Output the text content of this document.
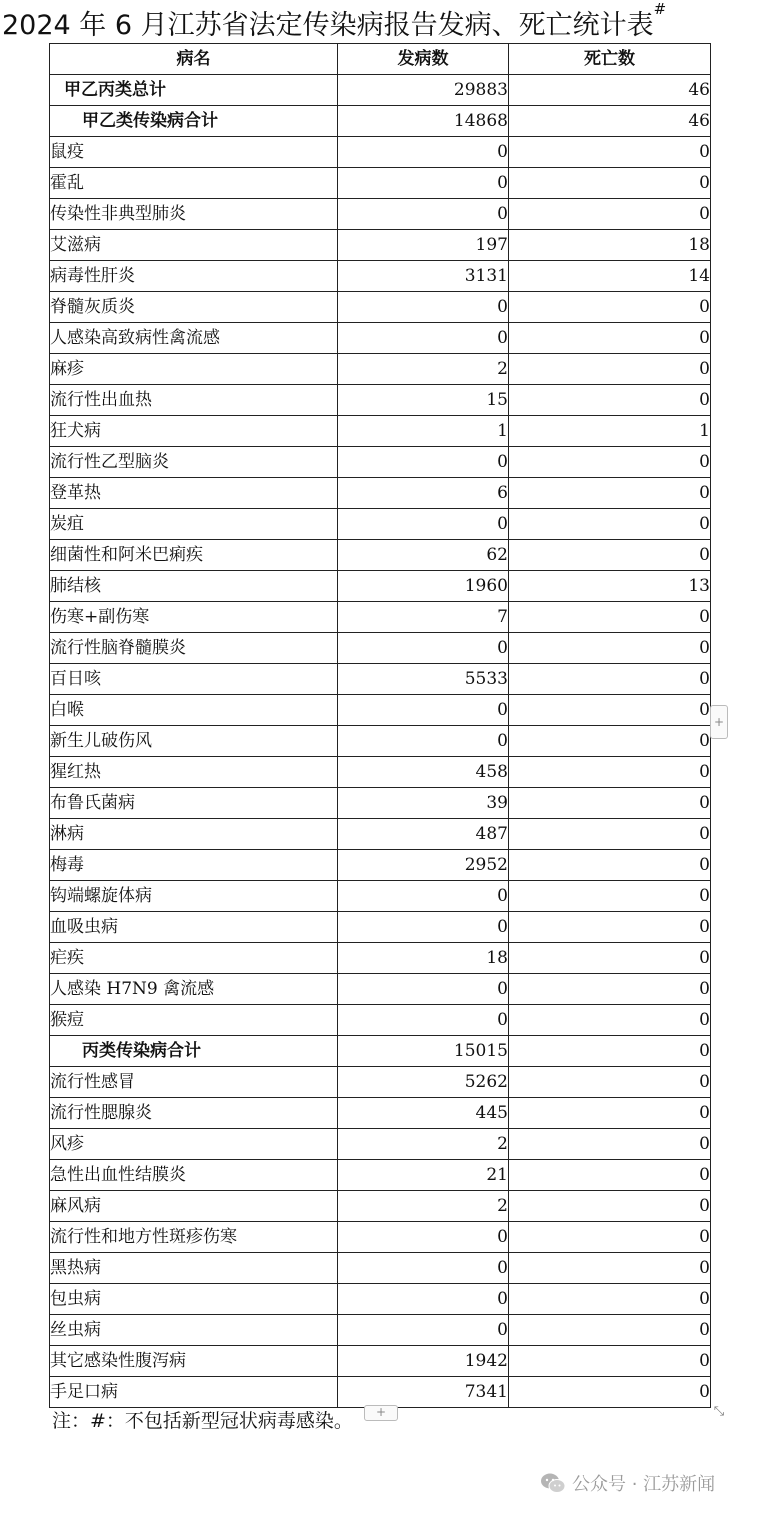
2024 年 6 月江苏省法定传染病报告发病、死亡统计表#
病名	发病数	死亡数
甲乙丙类总计	29883	46
甲乙类传染病合计	14868	46
鼠疫	0	0
霍乱	0	0
传染性非典型肺炎	0	0
艾滋病	197	18
病毒性肝炎	3131	14
脊髓灰质炎	0	0
人感染高致病性禽流感	0	0
麻疹	2	0
流行性出血热	15	0
狂犬病	1	1
流行性乙型脑炎	0	0
登革热	6	0
炭疽	0	0
细菌性和阿米巴痢疾	62	0
肺结核	1960	13
伤寒+副伤寒	7	0
流行性脑脊髓膜炎	0	0
百日咳	5533	0
白喉	0	0
新生儿破伤风	0	0
猩红热	458	0
布鲁氏菌病	39	0
淋病	487	0
梅毒	2952	0
钩端螺旋体病	0	0
血吸虫病	0	0
疟疾	18	0
人感染 H7N9 禽流感	0	0
猴痘	0	0
丙类传染病合计	15015	0
流行性感冒	5262	0
流行性腮腺炎	445	0
风疹	2	0
急性出血性结膜炎	21	0
麻风病	2	0
流行性和地方性斑疹伤寒	0	0
黑热病	0	0
包虫病	0	0
丝虫病	0	0
其它感染性腹泻病	1942	0
手足口病	7341	0
+
注：#：不包括新型冠状病毒感染。	+	⤡
公众号 · 江苏新闻
